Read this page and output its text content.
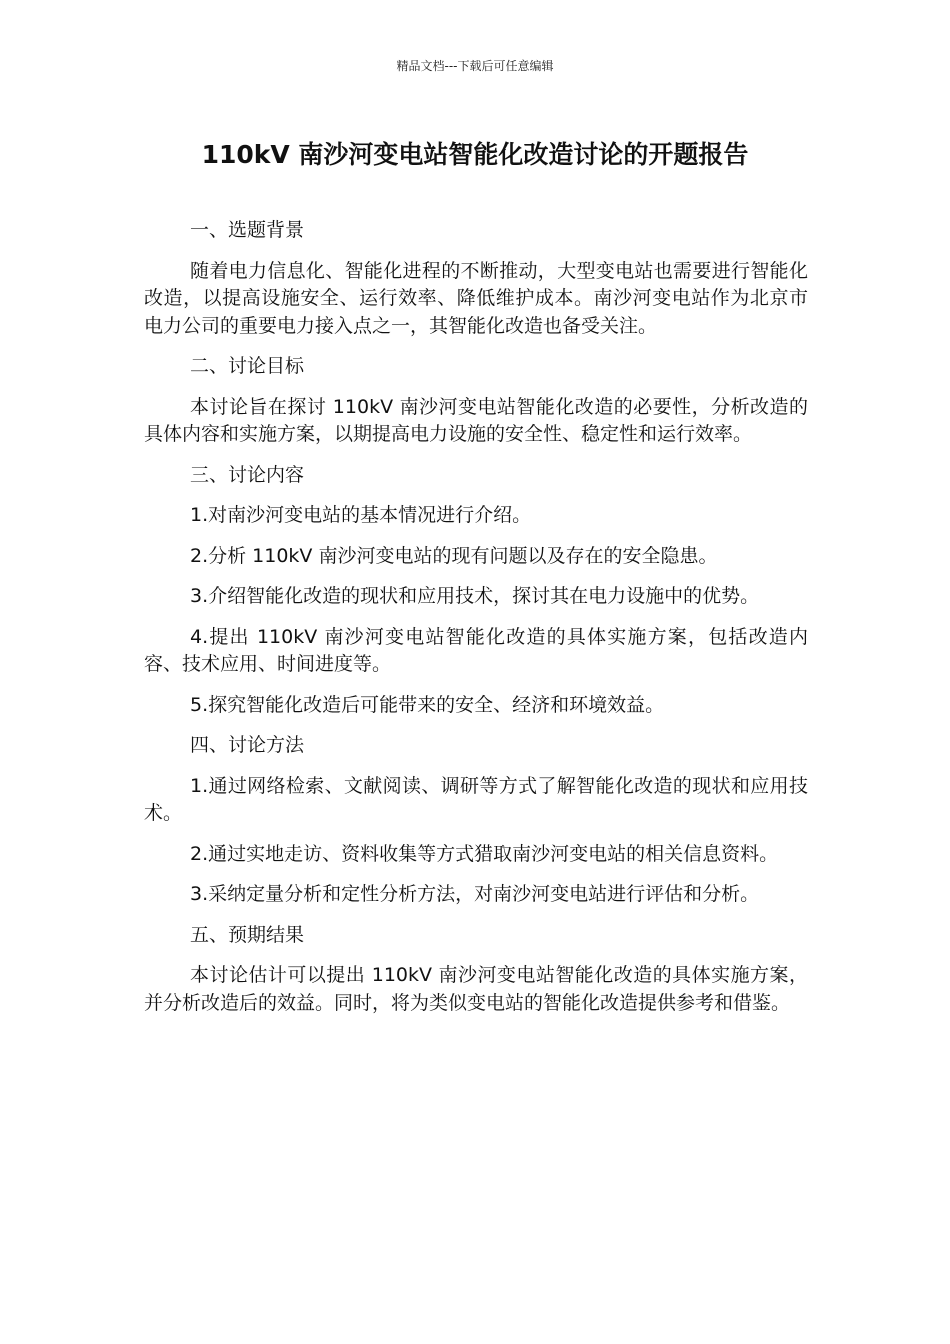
精品文档---下载后可任意编辑
110kV 南沙河变电站智能化改造讨论的开题报告

一、选题背景

随着电力信息化、智能化进程的不断推动，大型变电站也需要进行智能化改造，以提高设施安全、运行效率、降低维护成本。南沙河变电站作为北京市电力公司的重要电力接入点之一，其智能化改造也备受关注。

二、讨论目标

本讨论旨在探讨 110kV 南沙河变电站智能化改造的必要性，分析改造的具体内容和实施方案，以期提高电力设施的安全性、稳定性和运行效率。

三、讨论内容

1.对南沙河变电站的基本情况进行介绍。

2.分析 110kV 南沙河变电站的现有问题以及存在的安全隐患。

3.介绍智能化改造的现状和应用技术，探讨其在电力设施中的优势。

4.提出 110kV 南沙河变电站智能化改造的具体实施方案，包括改造内容、技术应用、时间进度等。

5.探究智能化改造后可能带来的安全、经济和环境效益。

四、讨论方法

1.通过网络检索、文献阅读、调研等方式了解智能化改造的现状和应用技术。

2.通过实地走访、资料收集等方式猎取南沙河变电站的相关信息资料。

3.采纳定量分析和定性分析方法，对南沙河变电站进行评估和分析。

五、预期结果

本讨论估计可以提出 110kV 南沙河变电站智能化改造的具体实施方案，并分析改造后的效益。同时，将为类似变电站的智能化改造提供参考和借鉴。
